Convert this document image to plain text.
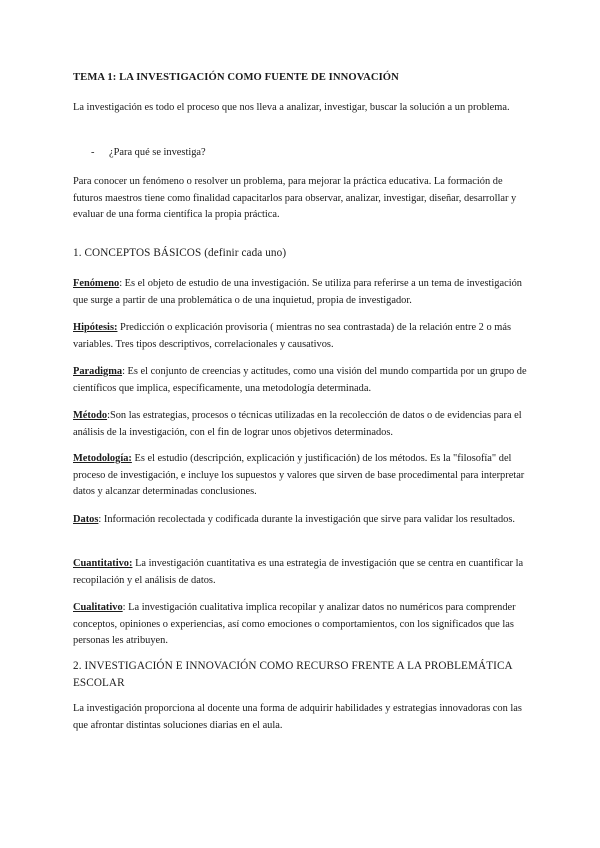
TEMA 1: LA INVESTIGACIÓN COMO FUENTE DE INNOVACIÓN
La investigación es todo el proceso que nos lleva a analizar, investigar, buscar la solución a un problema.
- ¿Para qué se investiga?
Para conocer un fenómeno o resolver un problema, para mejorar la práctica educativa. La formación de futuros maestros tiene como finalidad capacitarlos para observar, analizar, investigar, diseñar, desarrollar y evaluar de una forma científica la propia práctica.
1. CONCEPTOS BÁSICOS (definir cada uno)
Fenómeno: Es el objeto de estudio de una investigación. Se utiliza para referirse a un tema de investigación que surge a partir de una problemática o de una inquietud, propia de investigador.
Hipótesis: Predicción o explicación provisoria ( mientras no sea contrastada) de la relación entre 2 o más variables. Tres tipos descriptivos, correlacionales y causativos.
Paradigma: Es el conjunto de creencias y actitudes, como una visión del mundo compartida por un grupo de científicos que implica, específicamente, una metodología determinada.
Método:Son las estrategias, procesos o técnicas utilizadas en la recolección de datos o de evidencias para el análisis de la investigación, con el fin de lograr unos objetivos determinados.
Metodología: Es el estudio (descripción, explicación y justificación) de los métodos. Es la "filosofía" del proceso de investigación, e incluye los supuestos y valores que sirven de base procedimental para interpretar datos y alcanzar determinadas conclusiones.
Datos: Información recolectada y codificada durante la investigación que sirve para validar los resultados.
Cuantitativo: La investigación cuantitativa es una estrategia de investigación que se centra en cuantificar la recopilación y el análisis de datos.
Cualitativo: La investigación cualitativa implica recopilar y analizar datos no numéricos para comprender conceptos, opiniones o experiencias, así como emociones o comportamientos, con los significados que las personas les atribuyen.
2. INVESTIGACIÓN E INNOVACIÓN COMO RECURSO FRENTE A LA PROBLEMÁTICA ESCOLAR
La investigación proporciona al docente una forma de adquirir habilidades y estrategias innovadoras con las que afrontar distintas soluciones diarias en el aula.
